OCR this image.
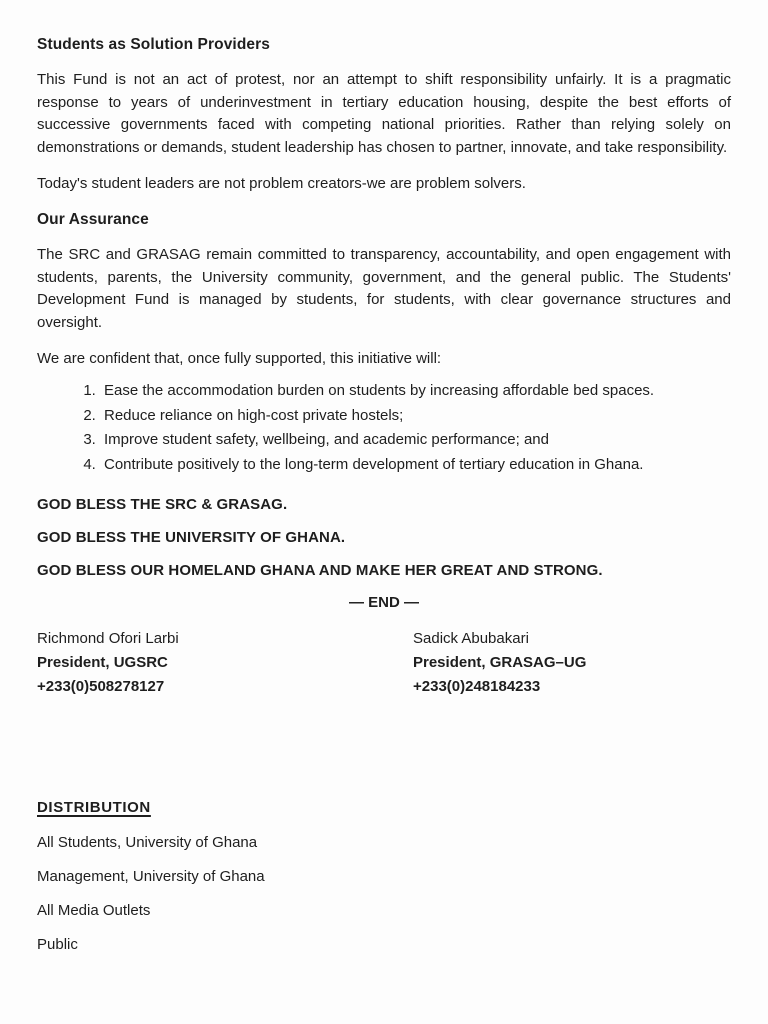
Students as Solution Providers

This Fund is not an act of protest, nor an attempt to shift responsibility unfairly. It is a pragmatic response to years of underinvestment in tertiary education housing, despite the best efforts of successive governments faced with competing national priorities. Rather than relying solely on demonstrations or demands, student leadership has chosen to partner, innovate, and take responsibility.

Today's student leaders are not problem creators-we are problem solvers.

Our Assurance

The SRC and GRASAG remain committed to transparency, accountability, and open engagement with students, parents, the University community, government, and the general public. The Students' Development Fund is managed by students, for students, with clear governance structures and oversight.

We are confident that, once fully supported, this initiative will:

1. Ease the accommodation burden on students by increasing affordable bed spaces.
2. Reduce reliance on high-cost private hostels;
3. Improve student safety, wellbeing, and academic performance; and
4. Contribute positively to the long-term development of tertiary education in Ghana.

GOD BLESS THE SRC & GRASAG.

GOD BLESS THE UNIVERSITY OF GHANA.

GOD BLESS OUR HOMELAND GHANA AND MAKE HER GREAT AND STRONG.

— END —

Richmond Ofori Larbi
President, UGSRC
+233(0)508278127
Sadick Abubakari
President, GRASAG–UG
+233(0)248184233
DISTRIBUTION

All Students, University of Ghana

Management, University of Ghana

All Media Outlets

Public
